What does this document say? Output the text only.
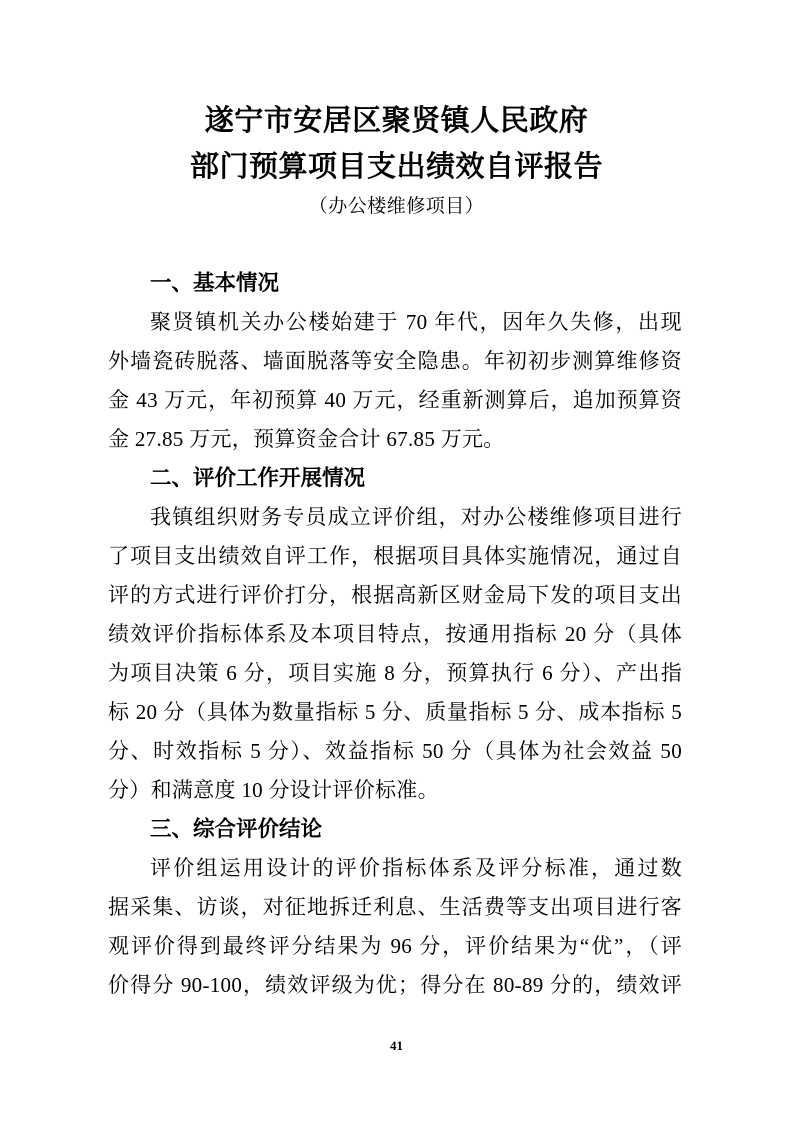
遂宁市安居区聚贤镇人民政府
部门预算项目支出绩效自评报告
（办公楼维修项目）
一、基本情况
聚贤镇机关办公楼始建于 70 年代，因年久失修，出现
外墙瓷砖脱落、墙面脱落等安全隐患。年初初步测算维修资
金 43 万元，年初预算 40 万元，经重新测算后，追加预算资
金 27.85 万元，预算资金合计 67.85 万元。
二、评价工作开展情况
我镇组织财务专员成立评价组，对办公楼维修项目进行
了项目支出绩效自评工作，根据项目具体实施情况，通过自
评的方式进行评价打分，根据高新区财金局下发的项目支出
绩效评价指标体系及本项目特点，按通用指标 20 分（具体
为项目决策 6 分，项目实施 8 分，预算执行 6 分）、产出指
标 20 分（具体为数量指标 5 分、质量指标 5 分、成本指标 5
分、时效指标 5 分）、效益指标 50 分（具体为社会效益 50
分）和满意度 10 分设计评价标准。
三、综合评价结论
评价组运用设计的评价指标体系及评分标准，通过数
据采集、访谈，对征地拆迁利息、生活费等支出项目进行客
观评价得到最终评分结果为 96 分，评价结果为“优”，（评
价得分 90-100，绩效评级为优；得分在 80-89 分的，绩效评
41
